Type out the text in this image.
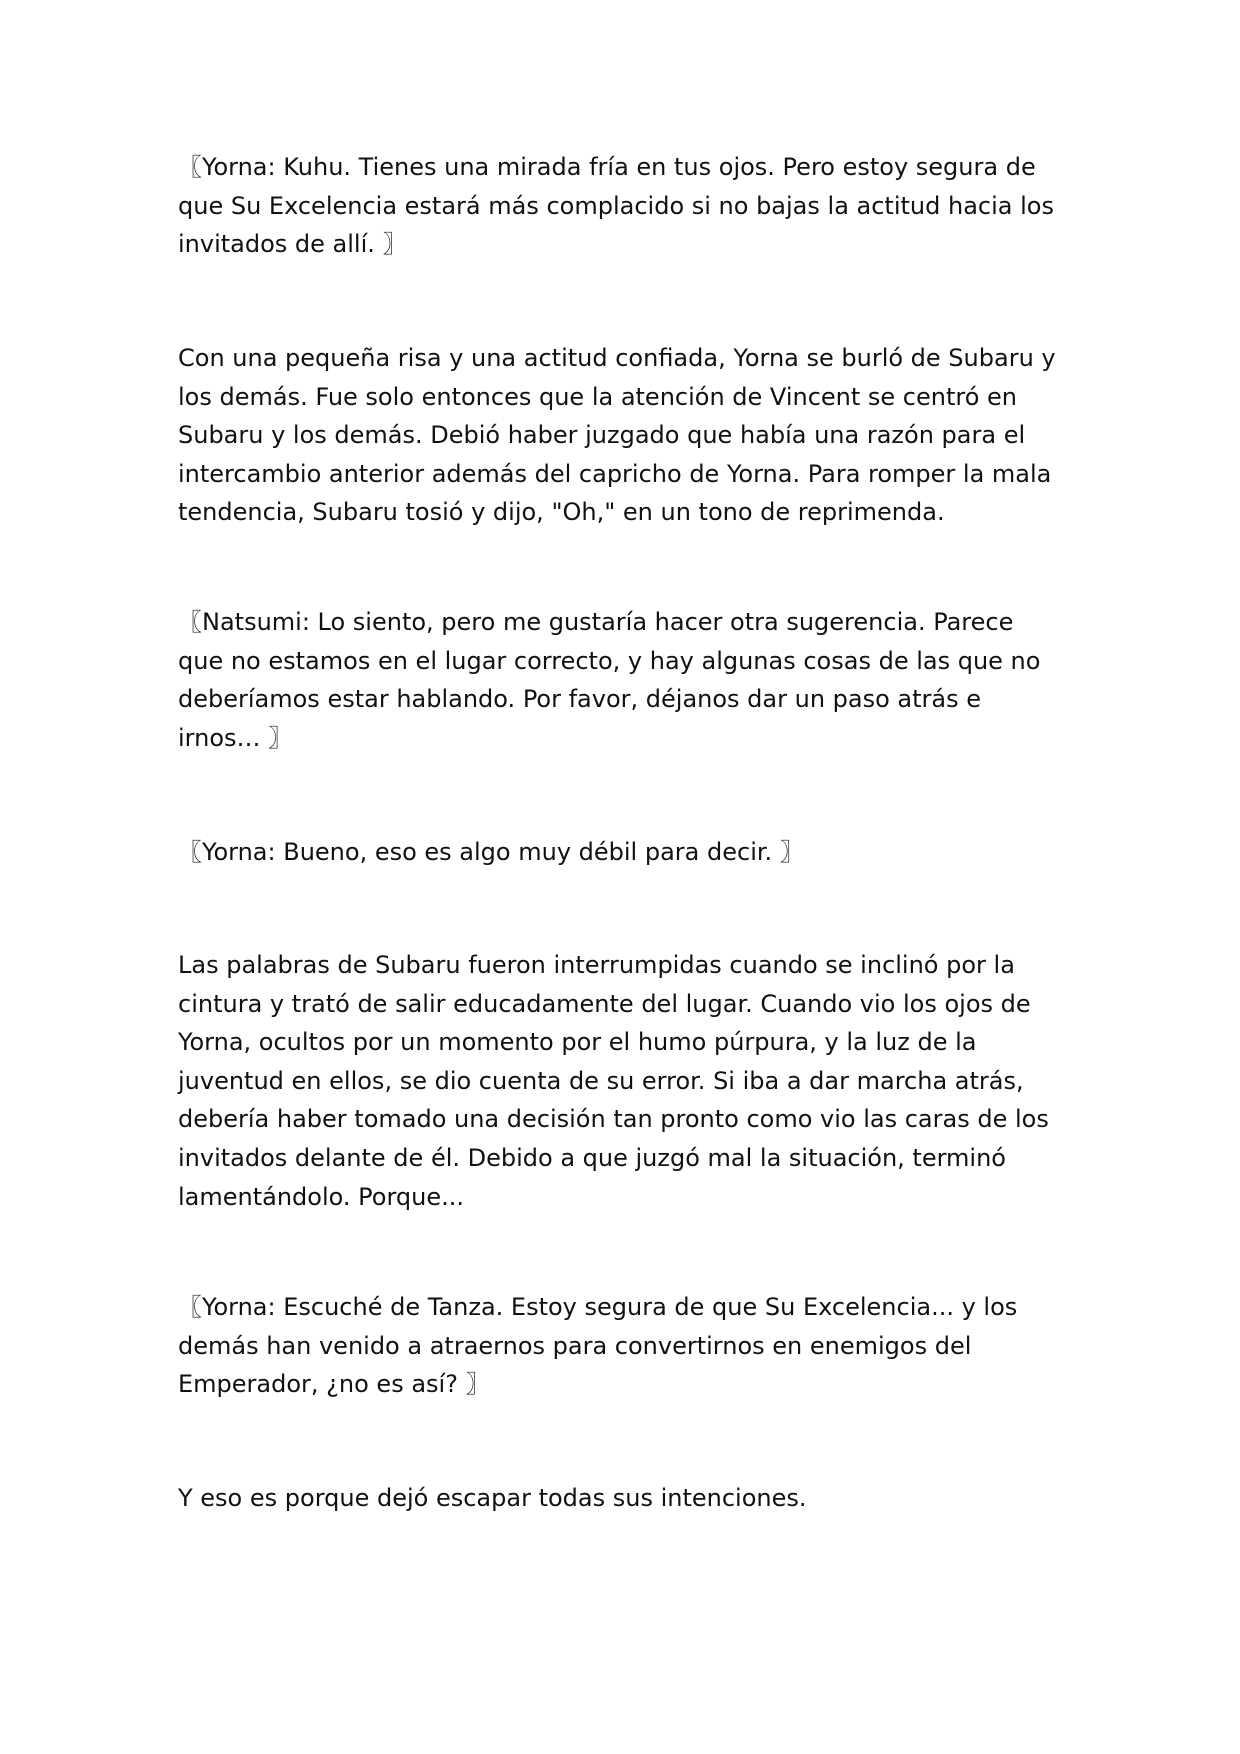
〖Yorna: Kuhu. Tienes una mirada fría en tus ojos. Pero estoy segura de que Su Excelencia estará más complacido si no bajas la actitud hacia los invitados de allí. 〗

Con una pequeña risa y una actitud confiada, Yorna se burló de Subaru y los demás. Fue solo entonces que la atención de Vincent se centró en Subaru y los demás. Debió haber juzgado que había una razón para el intercambio anterior además del capricho de Yorna. Para romper la mala tendencia, Subaru tosió y dijo, "Oh," en un tono de reprimenda.

〖Natsumi: Lo siento, pero me gustaría hacer otra sugerencia. Parece que no estamos en el lugar correcto, y hay algunas cosas de las que no deberíamos estar hablando. Por favor, déjanos dar un paso atrás e irnos… 〗

〖Yorna: Bueno, eso es algo muy débil para decir. 〗

Las palabras de Subaru fueron interrumpidas cuando se inclinó por la cintura y trató de salir educadamente del lugar. Cuando vio los ojos de Yorna, ocultos por un momento por el humo púrpura, y la luz de la juventud en ellos, se dio cuenta de su error. Si iba a dar marcha atrás, debería haber tomado una decisión tan pronto como vio las caras de los invitados delante de él. Debido a que juzgó mal la situación, terminó lamentándolo. Porque...

〖Yorna: Escuché de Tanza. Estoy segura de que Su Excelencia... y los demás han venido a atraernos para convertirnos en enemigos del Emperador, ¿no es así? 〗

Y eso es porque dejó escapar todas sus intenciones.
